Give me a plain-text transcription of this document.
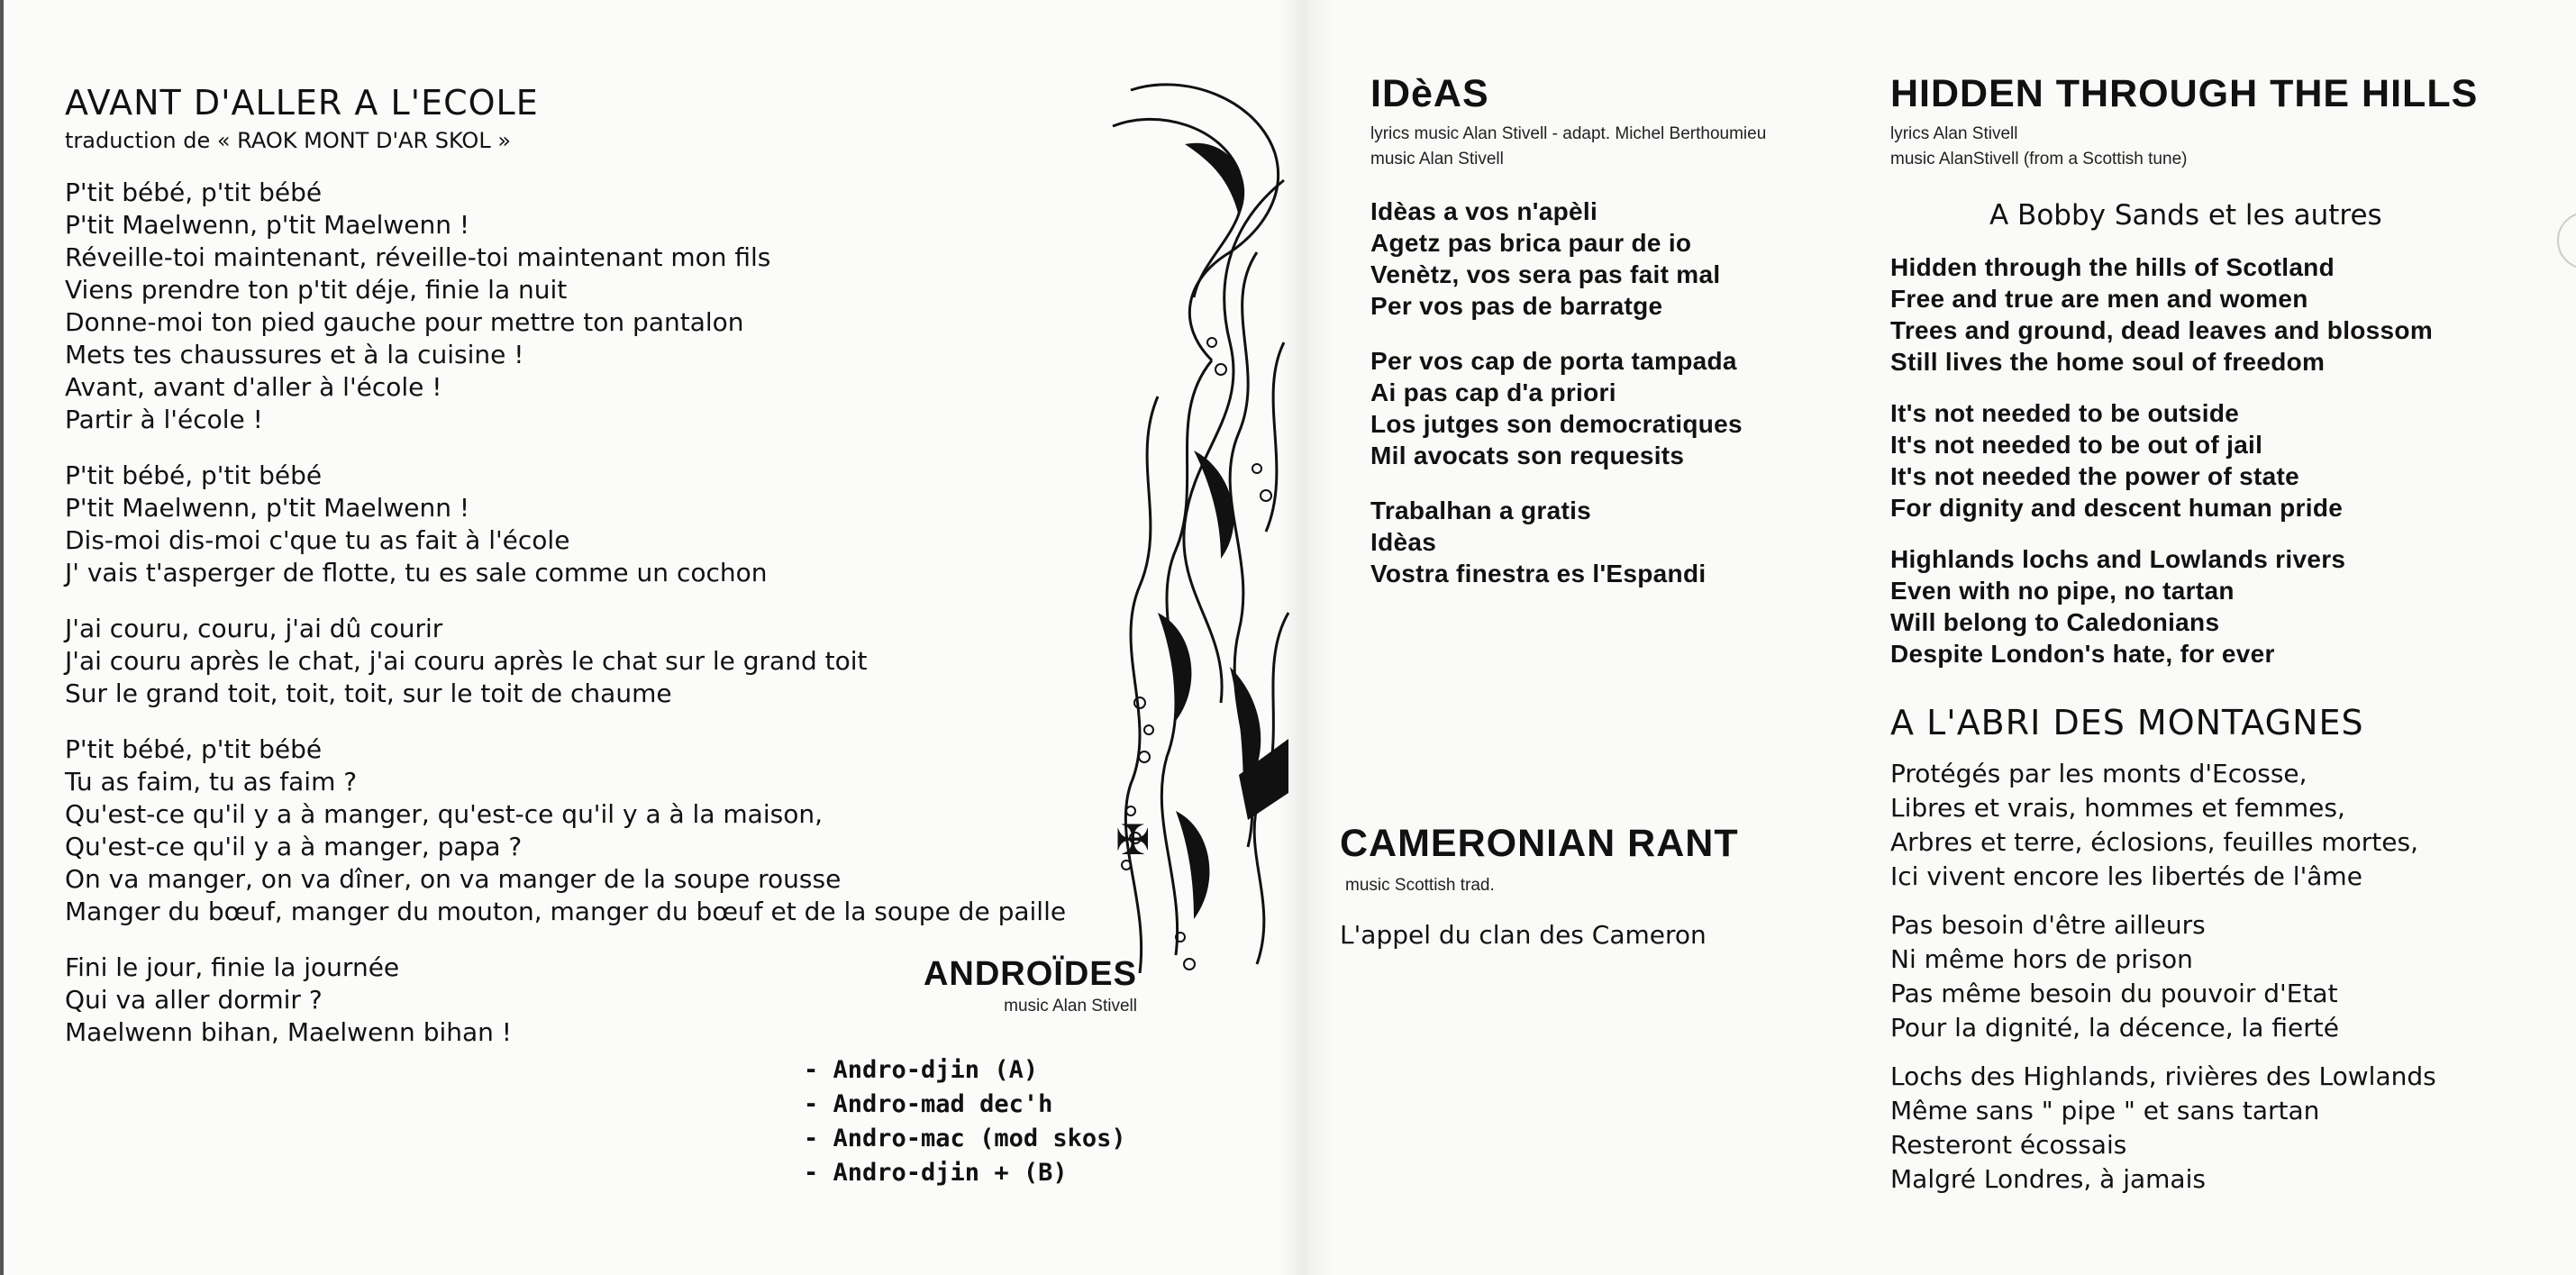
AVANT D'ALLER A L'ECOLE
traduction de « RAOK MONT D'AR SKOL »
P'tit bébé, p'tit bébé
P'tit Maelwenn, p'tit Maelwenn !
Réveille-toi maintenant, réveille-toi maintenant mon fils
Viens prendre ton p'tit déje, finie la nuit
Donne-moi ton pied gauche pour mettre ton pantalon
Mets tes chaussures et à la cuisine !
Avant, avant d'aller à l'école !
Partir à l'école !
P'tit bébé, p'tit bébé
P'tit Maelwenn, p'tit Maelwenn !
Dis-moi dis-moi c'que tu as fait à l'école
J' vais t'asperger de flotte, tu es sale comme un cochon
J'ai couru, couru, j'ai dû courir
J'ai couru après le chat, j'ai couru après le chat sur le grand toit
Sur le grand toit, toit, toit, sur le toit de chaume
P'tit bébé, p'tit bébé
Tu as faim, tu as faim ?
Qu'est-ce qu'il y a à manger, qu'est-ce qu'il y a à la maison,
Qu'est-ce qu'il y a à manger, papa ?
On va manger, on va dîner, on va manger de la soupe rousse
Manger du bœuf, manger du mouton, manger du bœuf et de la soupe de paille
Fini le jour, finie la journée
Qui va aller dormir ?
Maelwenn bihan, Maelwenn bihan !
✠
ANDROÏDES
music Alan Stivell
- Andro-djin (A)
- Andro-mad dec'h
- Andro-mac (mod skos)
- Andro-djin + (B)
IDèAS
lyrics music Alan Stivell - adapt. Michel Berthoumieu
music Alan Stivell
Idèas a vos n'apèli
Agetz pas brica paur de io
Venètz, vos sera pas fait mal
Per vos pas de barratge
Per vos cap de porta tampada
Ai pas cap d'a priori
Los jutges son democratiques
Mil avocats son requesits
Trabalhan a gratis
Idèas
Vostra finestra es l'Espandi
CAMERONIAN RANT
music Scottish trad.
L'appel du clan des Cameron
HIDDEN THROUGH THE HILLS
lyrics Alan Stivell
music AlanStivell (from a Scottish tune)
A Bobby Sands et les autres
Hidden through the hills of Scotland
Free and true are men and women
Trees and ground, dead leaves and blossom
Still lives the home soul of freedom
It's not needed to be outside
It's not needed to be out of jail
It's not needed the power of state
For dignity and descent human pride
Highlands lochs and Lowlands rivers
Even with no pipe, no tartan
Will belong to Caledonians
Despite London's hate, for ever
A L'ABRI DES MONTAGNES
Protégés par les monts d'Ecosse,
Libres et vrais, hommes et femmes,
Arbres et terre, éclosions, feuilles mortes,
Ici vivent encore les libertés de l'âme
Pas besoin d'être ailleurs
Ni même hors de prison
Pas même besoin du pouvoir d'Etat
Pour la dignité, la décence, la fierté
Lochs des Highlands, rivières des Lowlands
Même sans " pipe " et sans tartan
Resteront écossais
Malgré Londres, à jamais
